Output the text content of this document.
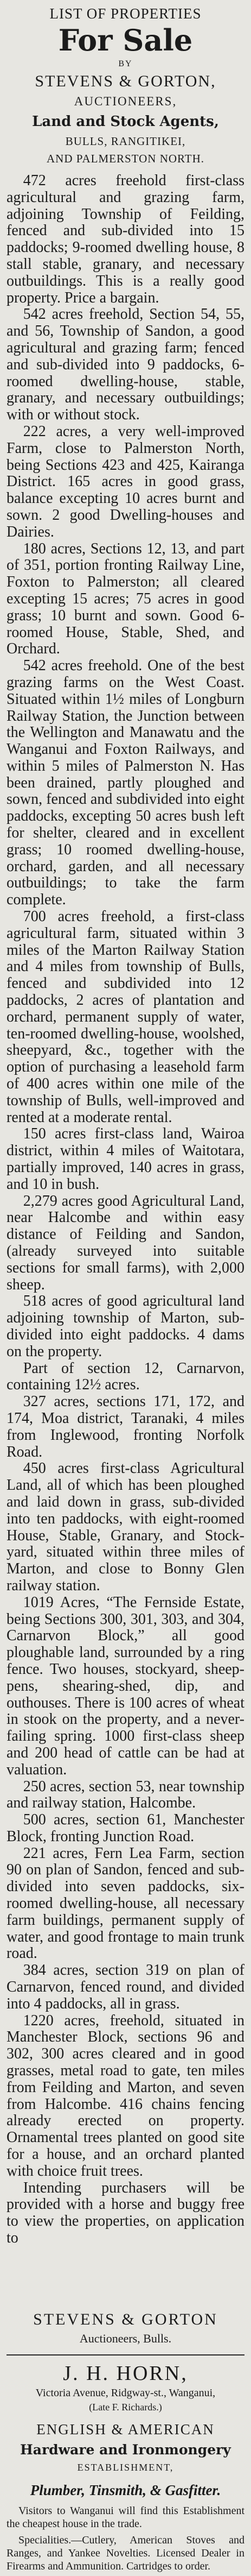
LIST OF PROPERTIES
For Sale
BY
STEVENS & GORTON,
AUCTIONEERS,
Land and Stock Agents,
BULLS, RANGITIKEI,
AND PALMERSTON NORTH.

472 acres freehold first-class agricultural and grazing farm, adjoining Township of Feilding, fenced and sub-divided into 15 paddocks; 9-roomed dwelling house, 8 stall stable, granary, and necessary outbuildings. This is a really good property. Price a bargain.

542 acres freehold, Section 54, 55, and 56, Township of Sandon, a good agricultural and grazing farm; fenced and sub-divided into 9 paddocks, 6-roomed dwelling-house, stable, granary, and necessary outbuildings; with or without stock.

222 acres, a very well-improved Farm, close to Palmerston North, being Sections 423 and 425, Kairanga District. 165 acres in good grass, balance excepting 10 acres burnt and sown. 2 good Dwelling-houses and Dairies.

180 acres, Sections 12, 13, and part of 351, portion fronting Railway Line, Foxton to Palmerston; all cleared excepting 15 acres; 75 acres in good grass; 10 burnt and sown. Good 6-roomed House, Stable, Shed, and Orchard.

542 acres freehold. One of the best grazing farms on the West Coast. Situated within 1½ miles of Longburn Railway Station, the Junction between the Wellington and Manawatu and the Wanganui and Foxton Railways, and within 5 miles of Palmerston N. Has been drained, partly ploughed and sown, fenced and subdivided into eight paddocks, excepting 50 acres bush left for shelter, cleared and in excellent grass; 10 roomed dwelling-house, orchard, garden, and all necessary outbuildings; to take the farm complete.

700 acres freehold, a first-class agricultural farm, situated within 3 miles of the Marton Railway Station and 4 miles from township of Bulls, fenced and subdivided into 12 paddocks, 2 acres of plantation and orchard, permanent supply of water, ten-roomed dwelling-house, woolshed, sheepyard, &c., together with the option of purchasing a leasehold farm of 400 acres within one mile of the township of Bulls, well-improved and rented at a moderate rental.

150 acres first-class land, Wairoa district, within 4 miles of Waitotara, partially improved, 140 acres in grass, and 10 in bush.

2,279 acres good Agricultural Land, near Halcombe and within easy distance of Feilding and Sandon, (already surveyed into suitable sections for small farms), with 2,000 sheep.

518 acres of good agricultural land adjoining township of Marton, sub-divided into eight paddocks. 4 dams on the property.

Part of section 12, Carnarvon, containing 12½ acres.

327 acres, sections 171, 172, and 174, Moa district, Taranaki, 4 miles from Inglewood, fronting Norfolk Road.

450 acres first-class Agricultural Land, all of which has been ploughed and laid down in grass, sub-divided into ten paddocks, with eight-roomed House, Stable, Granary, and Stock-yard, situated within three miles of Marton, and close to Bonny Glen railway station.

1019 Acres, “The Fernside Estate, being Sections 300, 301, 303, and 304, Carnarvon Block,” all good ploughable land, surrounded by a ring fence. Two houses, stockyard, sheep-pens, shearing-shed, dip, and outhouses. There is 100 acres of wheat in stook on the property, and a never-failing spring. 1000 first-class sheep and 200 head of cattle can be had at valuation.

250 acres, section 53, near township and railway station, Halcombe.

500 acres, section 61, Manchester Block, fronting Junction Road.

221 acres, Fern Lea Farm, section 90 on plan of Sandon, fenced and sub-divided into seven paddocks, six-roomed dwelling-house, all necessary farm buildings, permanent supply of water, and good frontage to main trunk road.

384 acres, section 319 on plan of Carnarvon, fenced round, and divided into 4 paddocks, all in grass.

1220 acres, freehold, situated in Manchester Block, sections 96 and 302, 300 acres cleared and in good grasses, metal road to gate, ten miles from Feilding and Marton, and seven from Halcombe. 416 chains fencing already erected on property. Ornamental trees planted on good site for a house, and an orchard planted with choice fruit trees.

Intending purchasers will be provided with a horse and buggy free to view the properties, on application to

STEVENS & GORTON
Auctioneers, Bulls.
J. H. HORN,
Victoria Avenue, Ridgway-st., Wanganui,
(Late F. Richards.)
ENGLISH & AMERICAN
Hardware and Ironmongery
ESTABLISHMENT,
Plumber, Tinsmith, & Gasfitter.

Visitors to Wanganui will find this Establishment the cheapest house in the trade.

Specialities.—Cutlery, American Stoves and Ranges, and Yankee Novelties. Licensed Dealer in Firearms and Ammunition. Cartridges to order.
